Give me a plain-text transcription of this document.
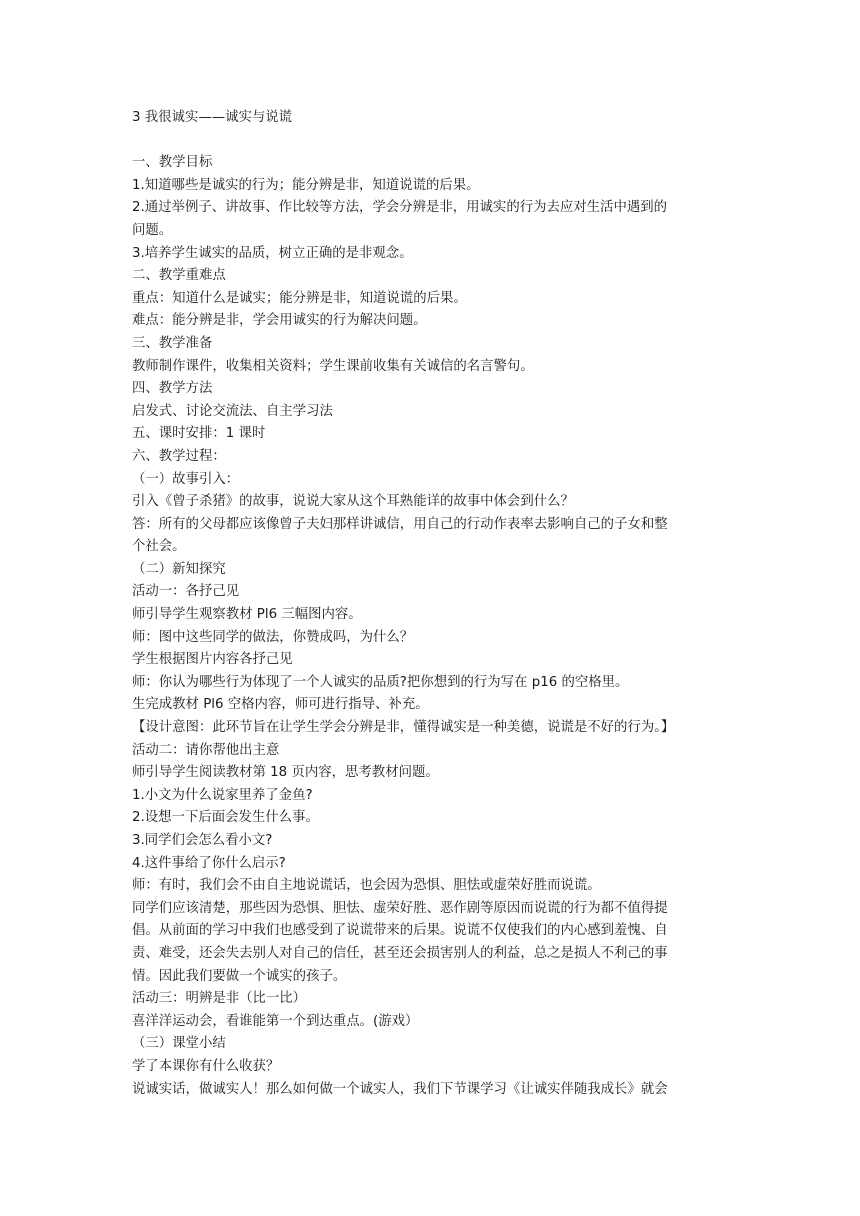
3 我很诚实——诚实与说谎
一、教学目标
1.知道哪些是诚实的行为；能分辨是非，知道说谎的后果。
2.通过举例子、讲故事、作比较等方法，学会分辨是非，用诚实的行为去应对生活中遇到的
问题。
3.培养学生诚实的品质，树立正确的是非观念。
二、教学重难点
重点：知道什么是诚实；能分辨是非，知道说谎的后果。
难点：能分辨是非，学会用诚实的行为解决问题。
三、教学准备
教师制作课件，收集相关资料；学生课前收集有关诚信的名言警句。
四、教学方法
启发式、讨论交流法、自主学习法
五、课时安排：1 课时
六、教学过程：
（一）故事引入：
引入《曾子杀猪》的故事，说说大家从这个耳熟能详的故事中体会到什么？
答：所有的父母都应该像曾子夫妇那样讲诚信，用自己的行动作表率去影响自己的子女和整
个社会。
（二）新知探究
活动一：各抒己见
师引导学生观察教材 Pl6 三幅图内容。
师：图中这些同学的做法，你赞成吗，为什么？
学生根据图片内容各抒己见
师：你认为哪些行为体现了一个人诚实的品质?把你想到的行为写在 p16 的空格里。
生完成教材 Pl6 空格内容，师可进行指导、补充。
【设计意图：此环节旨在让学生学会分辨是非，懂得诚实是一种美德，说谎是不好的行为。】
活动二：请你帮他出主意
师引导学生阅读教材第 18 页内容，思考教材问题。
1.小文为什么说家里养了金鱼?
2.设想一下后面会发生什么事。
3.同学们会怎么看小文?
4.这件事给了你什么启示?
师：有时，我们会不由自主地说谎话，也会因为恐惧、胆怯或虚荣好胜而说谎。
同学们应该清楚，那些因为恐惧、胆怯、虚荣好胜、恶作剧等原因而说谎的行为都不值得提
倡。从前面的学习中我们也感受到了说谎带来的后果。说谎不仅使我们的内心感到羞愧、自
责、难受，还会失去别人对自己的信任，甚至还会损害别人的利益，总之是损人不利己的事
情。因此我们要做一个诚实的孩子。
活动三：明辨是非（比一比）
喜洋洋运动会，看谁能第一个到达重点。(游戏）
（三）课堂小结
学了本课你有什么收获？
说诚实话，做诚实人！那么如何做一个诚实人，我们下节课学习《让诚实伴随我成长》就会
